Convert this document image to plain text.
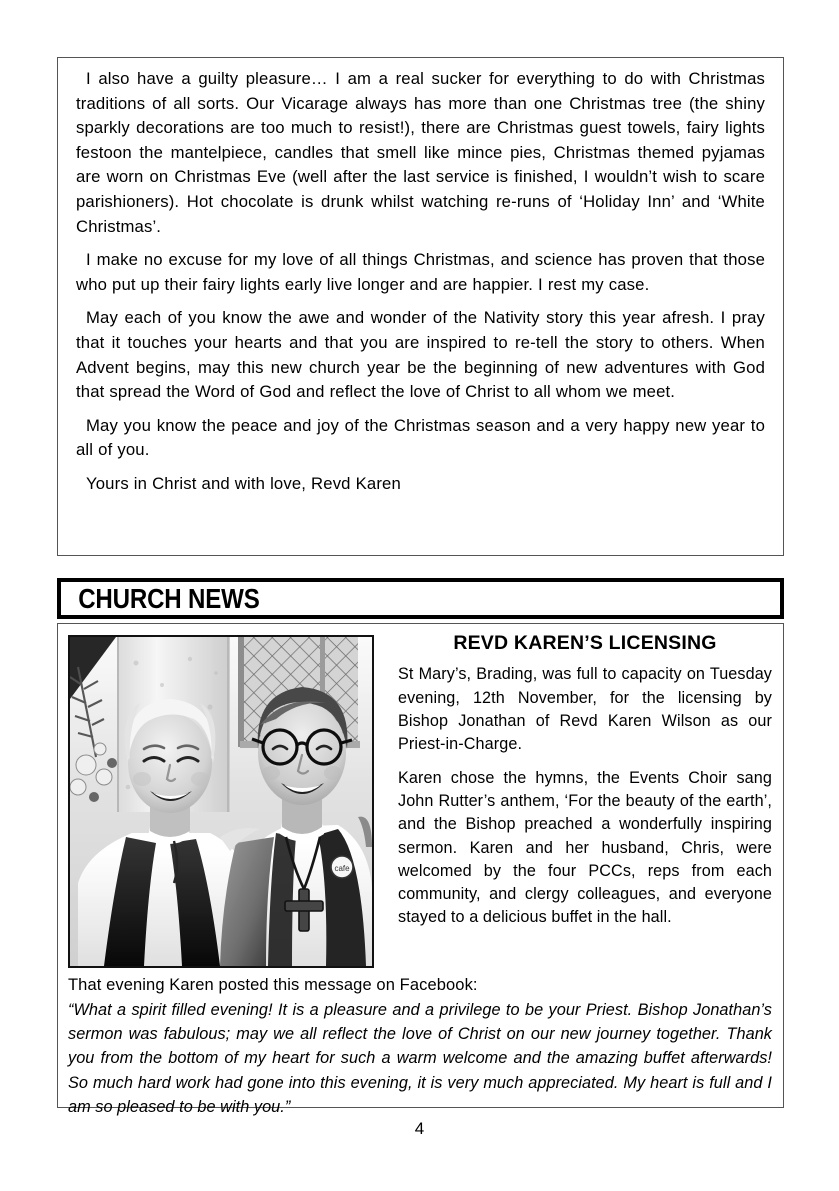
I also have a guilty pleasure… I am a real sucker for everything to do with Christmas traditions of all sorts. Our Vicarage always has more than one Christmas tree (the shiny sparkly decorations are too much to resist!), there are Christmas guest towels, fairy lights festoon the mantelpiece, candles that smell like mince pies, Christmas themed pyjamas are worn on Christmas Eve (well after the last service is finished, I wouldn’t wish to scare parishioners). Hot chocolate is drunk whilst watching re-runs of ‘Holiday Inn’ and ‘White Christmas’.

I make no excuse for my love of all things Christmas, and science has proven that those who put up their fairy lights early live longer and are happier. I rest my case.

May each of you know the awe and wonder of the Nativity story this year afresh. I pray that it touches your hearts and that you are inspired to re-tell the story to others. When Advent begins, may this new church year be the beginning of new adventures with God that spread the Word of God and reflect the love of Christ to all whom we meet.

May you know the peace and joy of the Christmas season and a very happy new year to all of you.

Yours in Christ and with love, Revd Karen

CHURCH NEWS
cafe
REVD KAREN’S LICENSING

St Mary’s, Brading, was full to capacity on Tuesday evening, 12th November, for the licensing by Bishop Jonathan of Revd Karen Wilson as our Priest-in-Charge.

Karen chose the hymns, the Events Choir sang John Rutter’s anthem, ‘For the beauty of the earth’, and the Bishop preached a wonderfully inspiring sermon. Karen and her husband, Chris, were welcomed by the four PCCs, reps from each community, and clergy colleagues, and everyone stayed to a delicious buffet in the hall.

That evening Karen posted this message on Facebook:

“What a spirit filled evening! It is a pleasure and a privilege to be your Priest. Bishop Jonathan’s sermon was fabulous; may we all reflect the love of Christ on our new journey together. Thank you from the bottom of my heart for such a warm welcome and the amazing buffet afterwards! So much hard work had gone into this evening, it is very much appreciated. My heart is full and I am so pleased to be with you.”

4
